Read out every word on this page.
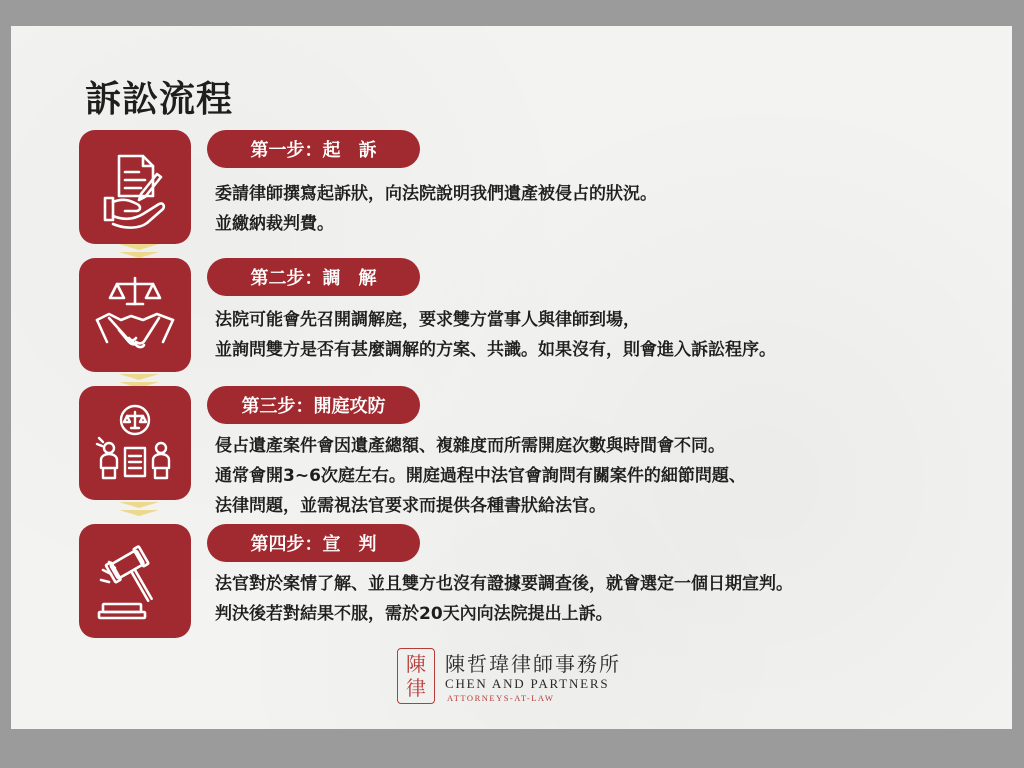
訴訟流程
第一步：起　訴
委請律師撰寫起訴狀，向法院說明我們遺產被侵占的狀況。
並繳納裁判費。
第二步：調　解
法院可能會先召開調解庭，要求雙方當事人與律師到場，
並詢問雙方是否有甚麼調解的方案、共識。如果沒有，則會進入訴訟程序。
第三步：開庭攻防
侵占遺產案件會因遺產總額、複雜度而所需開庭次數與時間會不同。
通常會開3~6次庭左右。開庭過程中法官會詢問有關案件的細節問題、
法律問題，並需視法官要求而提供各種書狀給法官。
第四步：宣　判
法官對於案情了解、並且雙方也沒有證據要調查後，就會選定一個日期宣判。
判決後若對結果不服，需於20天內向法院提出上訴。
陳
律
陳哲瑋律師事務所
CHEN AND PARTNERS
ATTORNEYS-AT-LAW
